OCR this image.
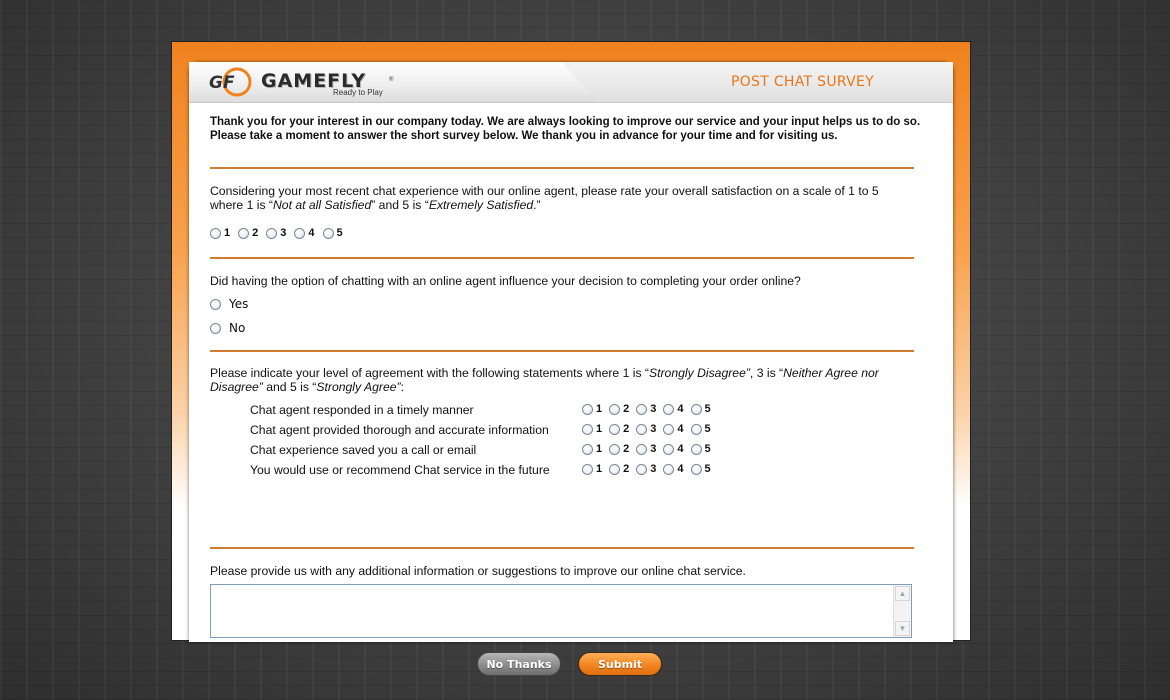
GF GAMEFLY	®
Ready to Play
POST CHAT SURVEY

Thank you for your interest in our company today. We are always looking to improve our service and your input helps us to do so. Please take a moment to answer the short survey below. We thank you in advance for your time and for visiting us.

Considering your most recent chat experience with our online agent, please rate your overall satisfaction on a scale of 1 to 5 where 1 is “Not at all Satisfied” and 5 is “Extremely Satisfied.”

1 2 3 4 5

Did having the option of chatting with an online agent influence your decision to completing your order online?

Yes
No

Please indicate your level of agreement with the following statements where 1 is “Strongly Disagree”, 3 is “Neither Agree nor Disagree” and 5 is “Strongly Agree”:

Chat agent responded in a timely manner	1 2 3 4 5
Chat agent provided thorough and accurate information	1 2 3 4 5
Chat experience saved you a call or email	1 2 3 4 5
You would use or recommend Chat service in the future	1 2 3 4 5

Please provide us with any additional information or suggestions to improve our online chat service.

▲
▼
No Thanks	Submit
